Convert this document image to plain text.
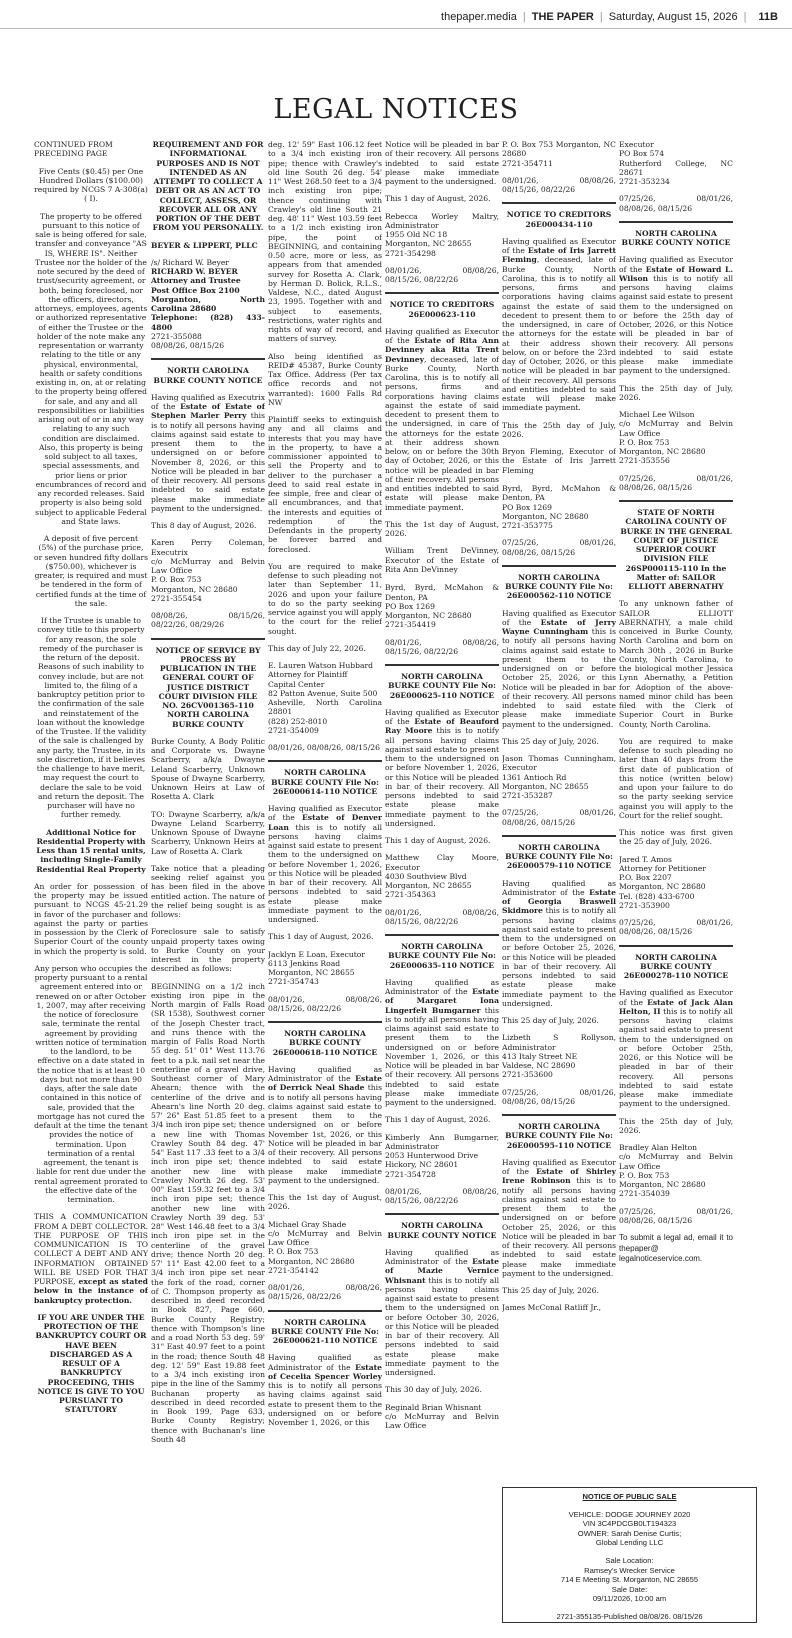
thepaper.media | THE PAPER | Saturday, August 15, 2026 | 11B
LEGAL NOTICES

CONTINUED FROM PRECEDING PAGE

Five Cents ($0.45) per One Hundred Dollars ($100.00) required by NCGS 7 A-308(a)( I).

The property to be offered pursuant to this notice of sale is being offered for sale, transfer and conveyance "AS IS, WHERE IS". Neither Trustee nor the holder of the note secured by the deed of trust/security agreement, or both, being foreclosed, nor the officers, directors, attorneys, employees, agents or authorized representative of either the Trustee or the holder of the note make any representation or warranty relating to the title or any physical, environmental, health or safety conditions existing in, on, at or relating to the property being offered for sale, and any and all responsibilities or liabilities arising out of or in any way relating to any such condition are disclaimed. Also, this property is being sold subject to all taxes, special assessments, and prior liens or prior encumbrances of record and any recorded releases. Said property is also being sold subject to applicable Federal and State laws.

A deposit of five percent (5%) of the purchase price, or seven hundred fifty dollars ($750.00), whichever is greater, is required and must be tendered in the form of certified funds at the time of the sale.

If the Trustee is unable to convey title to this property for any reason, the sole remedy of the purchaser is the return of the deposit. Reasons of such inability to convey include, but are not limited to, the filing of a bankruptcy petition prior to the confirmation of the sale and reinstatement of the loan without the knowledge of the Trustee. If the validity of the sale is challenged by any party, the Trustee, in its sole discretion, if it believes the challenge to have merit, may request the court to declare the sale to be void and return the deposit. The purchaser will have no further remedy.

Additional Notice for Residential Property with Less than 15 rental units, including Single-Family Residential Real Property

An order for possession of the property may be issued pursuant to NCGS 45-21.29 in favor of the purchaser and against the party or parties in possession by the Clerk of Superior Court of the county in which the property is sold.

Any person who occupies the property pursuant to a rental agreement entered into or renewed on or after October 1, 2007, may after receiving the notice of foreclosure sale, terminate the rental agreement by providing written notice of termination to the landlord, to be effective on a date stated in the notice that is at least 10 days but not more than 90 days, after the sale date contained in this notice of sale, provided that the mortgage has not cured the default at the time the tenant provides the notice of termination. Upon termination of a rental agreement, the tenant is liable for rent due under the rental agreement prorated to the effective date of the termination.

THIS A COMMUNICATION FROM A DEBT COLLECTOR. THE PURPOSE OF THIS COMMUNICATION IS TO COLLECT A DEBT AND ANY INFORMATION OBTAINED WILL BE USED FOR THAT PURPOSE, except as stated below in the instance of bankruptcy protection.

IF YOU ARE UNDER THE PROTECTION OF THE BANKRUPTCY COURT OR HAVE BEEN DISCHARGED AS A RESULT OF A BANKRUPTCY PROCEEDING, THIS NOTICE IS GIVE TO YOU PURSUANT TO STATUTORY

REQUIREMENT AND FOR INFORMATIONAL PURPOSES AND IS NOT INTENDED AS AN ATTEMPT TO COLLECT A DEBT OR AS AN ACT TO COLLECT, ASSESS, OR RECOVER ALL OR ANY PORTION OF THE DEBT FROM YOU PERSONALLY.

BEYER & LIPPERT, PLLC

/s/ Richard W. Beyer

RICHARD W. BEYER
Attorney and Trustee
Post Office Box 2100
Morganton, North Carolina 28680
Telephone: (828) 433-4800

2721-355088

08/08/26, 08/15/26

NORTH CAROLINA BURKE COUNTY NOTICE

Having qualified as Executrix of the Estate of Estate of Stephen Marler Perry this is to notify all persons having claims against said estate to present them to the undersigned on or before November 8, 2026, or this Notice will be pleaded in bar of their recovery. All persons indebted to said estate please make immediate payment to the undersigned.

This 8 day of August, 2026.

Karen Perry Coleman, Executrix
c/o McMurray and Belvin Law Office
P. O. Box 753
Morganton, NC 28680
2721-355454

08/08/26, 08/15/26, 08/22/26, 08/29/26

NOTICE OF SERVICE BY PROCESS BY PUBLICATION IN THE GENERAL COURT OF JUSTICE DISTRICT COURT DIVISION FILE NO. 26CV001365-110 NORTH CAROLINA BURKE COUNTY

Burke County, A Body Politic and Corporate vs. Dwayne Scarberry, a/k/a Dwayne Leland Scarberry, Unknown Spouse of Dwayne Scarberry, Unknown Heirs at Law of Rosetta A. Clark

TO: Dwayne Scarberry, a/k/a Dwayne Leland Scarberry, Unknown Spouse of Dwayne Scarberry, Unknown Heirs at Law of Rosetta A. Clark

Take notice that a pleading seeking relief against you has been filed in the above entitled action. The nature of the relief being sought is as follows:

Foreclosure sale to satisfy unpaid property taxes owing to Burke County on your interest in the property described as follows:

BEGINNING on a 1/2 inch existing iron pipe in the North margin of Falls Road (SR 1538), Southwest corner of the Joseph Chester tract, and runs thence with the margin of Falls Road North 55 deg. 51' 01" West 113.76 feet to a p.k. nail set near the centerline of a gravel drive, Southeast corner of Mary Ahearn; thence with the centerline of the drive and Ahearn's line North 20 deg. 57' 26" East 51.85 feet to a 3/4 inch iron pipe set; thence a new line with Thomas Crawley South 84 deg. 47' 54" East 117 .33 feet to a 3/4 inch iron pipe set; thence another new line with Crawley North 26 deg. 53' 00" East 159.32 feet to a 3/4 inch iron pipe set; thence another new line with Crawley North 39 deg. 53' 28" West 146.48 feet to a 3/4 inch iron pipe set in the centerline of the gravel drive; thence North 20 deg. 57' 11" East 42.00 feet to a 3/4 inch iron pipe set near the fork of the road, corner of C. Thompson property as described in deed recorded in Book 827, Page 660, Burke County Registry; thence with Thompson's line and a road North 53 deg. 59' 31" East 40.97 feet to a point in the road; thence South 48 deg. 12' 59" East 19.88 feet to a 3/4 inch existing iron pipe in the line of the Sammy Buchanan property as described in deed recorded in Book 199, Page 633, Burke County Registry; thence with Buchanan's line South 48

deg. 12' 59" East 106.12 feet to a 3/4 inch existing iron pipe; thence with Crawley's old line South 26 deg. 54' 11" West 268.50 feet to a 3/4 inch existing iron pipe; thence continuing with Crawley's old line South 21 deg. 48' 11" West 103.59 feet to a 1/2 inch existing iron pipe, the point of BEGINNING, and containing 0.50 acre, more or less, as appears from that amended survey for Rosetta A. Clark, by Herman D. Bolick, R.L.S., Valdese, N.C., dated August 23, 1995. Together with and subject to easements, restrictions, water rights and rights of way of record, and matters of survey.

Also being identified as REID# 45387, Burke County Tax Office. Address (Per tax office records and not warranted): 1600 Falls Rd NW

Plaintiff seeks to extinguish any and all claims and interests that you may have in the property, to have a commissioner appointed to sell the Property and to deliver to the purchaser a deed to said real estate in fee simple, free and clear of all encumbrances, and that the interests and equities of redemption of the Defendants in the property be forever barred and foreclosed.

You are required to make defense to such pleading not later than September 11, 2026 and upon your failure to do so the party seeking service against you will apply to the court for the relief sought.

This day of July 22, 2026.

E. Lauren Watson Hubbard
Attorney for Plaintiff
Capital Center
82 Patton Avenue, Suite 500
Asheville, North Carolina 28801
(828) 252-8010
2721-354009

08/01/26, 08/08/26, 08/15/26

NORTH CAROLINA BURKE COUNTY File No: 26E000614-110 NOTICE

Having qualified as Executor of the Estate of Denver Loan this is to notify all persons having claims against said estate to present them to the undersigned on or before November 1, 2026, or this Notice will be pleaded in bar of their recovery. All persons indebted to said estate please make immediate payment to the undersigned.

This 1 day of August, 2026.

Jacklyn E Loan, Executor
6113 Jenkins Road
Morganton, NC 28655
2721-354743

08/01/26, 08/08/26, 08/15/26, 08/22/26

NORTH CAROLINA BURKE COUNTY 26E000618-110 NOTICE

Having qualified as Administrator of the Estate of Derrick Neal Shade this is to notify all persons having claims against said estate to present them to the undersigned on or before November 1st, 2026, or this Notice will be pleaded in bar of their recovery. All persons indebted to said estate please make immediate payment to the undersigned.

This the 1st day of August, 2026.

Michael Gray Shade
c/o McMurray and Belvin Law Office
P. O. Box 753
Morganton, NC 28680
2721-354142

08/01/26, 08/08/26, 08/15/26, 08/22/26

NORTH CAROLINA BURKE COUNTY File No: 26E000621-110 NOTICE

Having qualified as Administrator of the Estate of Cecelia Spencer Worley this is to notify all persons having claims against said estate to present them to the undersigned on or before November 1, 2026, or this

Notice will be pleaded in bar of their recovery. All persons indebted to said estate please make immediate payment to the undersigned.

This 1 day of August, 2026.

Rebecca Worley Maltry, Administrator
1955 Old NC 18
Morganton, NC 28655
2721-354298

08/01/26, 08/08/26, 08/15/26, 08/22/26

NOTICE TO CREDITORS 26E000623-110

Having qualified as Executor of the Estate of Rita Ann Devinney aka Rita Trent Devinney, deceased, late of Burke County, North Carolina, this is to notify all persons, firms and corporations having claims against the estate of said decedent to present them to the undersigned, in care of the attorneys for the estate at their address shown below, on or before the 30th day of October, 2026, or this notice will be pleaded in bar of their recovery. All persons and entities indebted to said estate will please make immediate payment.

This the 1st day of August, 2026.

William Trent DeVinney, Executor of the Estate of Rita Ann DeVinney

Byrd, Byrd, McMahon & Denton, PA
PO Box 1269
Morganton, NC 28680
2721-354419

08/01/26, 08/08/26, 08/15/26, 08/22/26

NORTH CAROLINA BURKE COUNTY File No: 26E000625-110 NOTICE

Having qualified as Executor of the Estate of Beauford Ray Moore this is to notify all persons having claims against said estate to present them to the undersigned on or before November 1, 2026, or this Notice will be pleaded in bar of their recovery. All persons indebted to said estate please make immediate payment to the undersigned.

This 1 day of August, 2026.

Matthew Clay Moore, Executor
4030 Southview Blvd
Morganton, NC 28655
2721-354363

08/01/26, 08/08/26, 08/15/26, 08/22/26

NORTH CAROLINA BURKE COUNTY File No: 26E000635-110 NOTICE

Having qualified as Administrator of the Estate of Margaret Iona Lingerfelt Bumgarner this is to notify all persons having claims against said estate to present them to the undersigned on or before November 1, 2026, or this Notice will be pleaded in bar of their recovery. All persons indebted to said estate please make immediate payment to the undersigned.

This 1 day of August, 2026.

Kimberly Ann Bumgarner, Administrator
2053 Hunterwood Drive
Hickory, NC 28601
2721-354728

08/01/26, 08/08/26, 08/15/26, 08/22/26

NORTH CAROLINA BURKE COUNTY NOTICE

Having qualified as Administrator of the Estate of Mazie Vernice Whisnant this is to notify all persons having claims against said estate to present them to the undersigned on or before October 30, 2026, or this Notice will be pleaded in bar of their recovery. All persons indebted to said estate please make immediate payment to the undersigned.

This 30 day of July, 2026.

Reginald Brian Whisnant
c/o McMurray and Belvin Law Office

P. O. Box 753 Morganton, NC 28680
2721-354711

08/01/26, 08/08/26, 08/15/26, 08/22/26

NOTICE TO CREDITORS 26E000434-110

Having qualified as Executor of the Estate of Iris Jarrett Fleming, deceased, late of Burke County, North Carolina, this is to notify all persons, firms and corporations having claims against the estate of said decedent to present them to the undersigned, in care of the attorneys for the estate at their address shown below, on or before the 23rd day of October, 2026, or this notice will be pleaded in bar of their recovery. All persons and entities indebted to said estate will please make immediate payment.

This the 25th day of July, 2026.

Bryon Fleming, Executor of the Estate of Iris Jarrett Fleming

Byrd, Byrd, McMahon & Denton, PA
PO Box 1269
Morganton, NC 28680
2721-353775

07/25/26, 08/01/26, 08/08/26, 08/15/26

NORTH CAROLINA BURKE COUNTY File No: 26E000562-110 NOTICE

Having qualified as Executor of the Estate of Jerry Wayne Cunningham this is to notify all persons having claims against said estate to present them to the undersigned on or before October 25, 2026, or this Notice will be pleaded in bar of their recovery. All persons indebted to said estate please make immediate payment to the undersigned.

This 25 day of July, 2026.

Jason Thomas Cunningham, Executor
1361 Antioch Rd
Morganton, NC 28655
2721-353287

07/25/26, 08/01/26, 08/08/26, 08/15/26

NORTH CAROLINA BURKE COUNTY File No: 26E000579-110 NOTICE

Having qualified as Administrator of the Estate of Georgia Braswell Skidmore this is to notify all persons having claims against said estate to present them to the undersigned on or before October 25, 2026, or this Notice will be pleaded in bar of their recovery. All persons indebted to said estate please make immediate payment to the undersigned.

This 25 day of July, 2026.

Lizbeth S Rollyson, Administrator
413 Italy Street NE
Valdese, NC 28690
2721-353600

07/25/26, 08/01/26, 08/08/26, 08/15/26

NORTH CAROLINA BURKE COUNTY File No: 26E000595-110 NOTICE

Having qualified as Executor of the Estate of Shirley Irene Robinson this is to notify all persons having claims against said estate to present them to the undersigned on or before October 25, 2026, or this Notice will be pleaded in bar of their recovery. All persons indebted to said estate please make immediate payment to the undersigned.

This 25 day of July, 2026.

James McConal Ratliff Jr.,

Executor
PO Box 574
Rutherford College, NC 28671
2721-353234

07/25/26, 08/01/26, 08/08/26, 08/15/26

NORTH CAROLINA BURKE COUNTY NOTICE

Having qualified as Executor of the Estate of Howard L. Wilson this is to notify all persons having claims against said estate to present them to the undersigned on or before the 25th day of October, 2026, or this Notice will be pleaded in bar of their recovery. All persons indebted to said estate please make immediate payment to the undersigned.

This the 25th day of July, 2026.

Michael Lee Wilson
c/o McMurray and Belvin Law Office
P. O. Box 753
Morganton, NC 28680
2721-353556

07/25/26, 08/01/26, 08/08/26, 08/15/26

STATE OF NORTH CAROLINA COUNTY OF BURKE IN THE GENERAL COURT OF JUSTICE SUPERIOR COURT DIVISION FILE 26SP000115-110 In the Matter of: SAILOR ELLIOTT ABERNATHY

To any unknown father of SAILOR ELLIOTT ABERNATHY, a male child conceived in Burke County, North Carolina and born on March 30th , 2026 in Burke County, North Carolina, to the biological mother Jessica Lynn Abernathy, a Petition for Adoption of the above-named minor child has been filed with the Clerk of Superior Court in Burke County, North Carolina.

You are required to make defense to such pleading no later than 40 days from the first date of publication of this notice (written below) and upon your failure to do so the party seeking service against you will apply to the Court for the relief sought.

This notice was first given the 25 day of July, 2026.

Jared T. Amos
Attorney for Petitioner
P.O. Box 2207
Morganton, NC 28680
Tel. (828) 433-6700
2721-353900

07/25/26, 08/01/26, 08/08/26, 08/15/26

NORTH CAROLINA BURKE COUNTY 26E000278-110 NOTICE

Having qualified as Executor of the Estate of Jack Alan Helton, II this is to notify all persons having claims against said estate to present them to the undersigned on or before October 25th, 2026, or this Notice will be pleaded in bar of their recovery. All persons indebted to said estate please make immediate payment to the undersigned.

This the 25th day of July, 2026.

Bradley Alan Helton
c/o McMurray and Belvin Law Office
P. O. Box 753
Morganton, NC 28680
2721-354039

07/25/26, 08/01/26, 08/08/26, 08/15/26

To submit a legal ad, email it to thepaper@ legalnoticeservice.com.

NOTICE OF PUBLIC SALE
VEHICLE: DODGE JOURNEY 2020
VIN 3C4PDCGB0LT194323
OWNER: Sarah Denise Curtis;
Global Lending LLC
Sale Location:
Ramsey's Wrecker Service
714 E Meeting St. Morganton, NC 28655
Sale Date:
09/11/2026, 10:00 am
2721-355135-Published 08/08/26. 08/15/26
